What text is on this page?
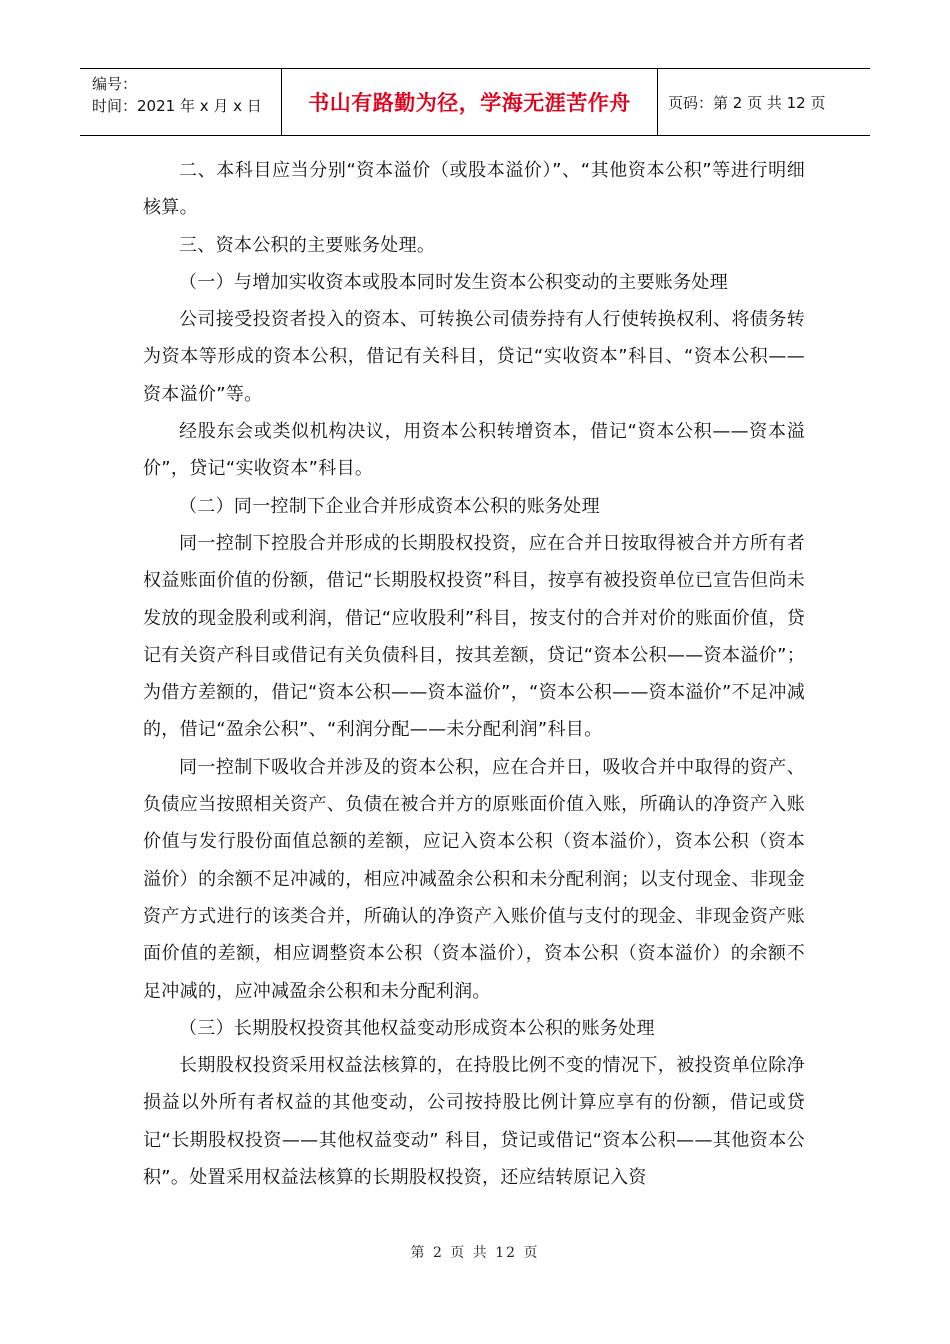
编号：
时间：2021 年 x 月 x 日	书山有路勤为径，学海无涯苦作舟	页码：第 2 页 共 12 页

二、本科目应当分别“资本溢价（或股本溢价）”、“其他资本公积”等进行明细核算。

三、资本公积的主要账务处理。

（一）与增加实收资本或股本同时发生资本公积变动的主要账务处理

公司接受投资者投入的资本、可转换公司债券持有人行使转换权利、将债务转为资本等形成的资本公积，借记有关科目，贷记“实收资本”科目、“资本公积——资本溢价”等。

经股东会或类似机构决议，用资本公积转增资本，借记“资本公积——资本溢价”，贷记“实收资本”科目。

（二）同一控制下企业合并形成资本公积的账务处理

同一控制下控股合并形成的长期股权投资，应在合并日按取得被合并方所有者权益账面价值的份额，借记“长期股权投资”科目，按享有被投资单位已宣告但尚未发放的现金股利或利润，借记“应收股利”科目，按支付的合并对价的账面价值，贷记有关资产科目或借记有关负债科目，按其差额，贷记“资本公积——资本溢价”；为借方差额的，借记“资本公积——资本溢价”，“资本公积——资本溢价”不足冲减的，借记“盈余公积”、“利润分配——未分配利润”科目。

同一控制下吸收合并涉及的资本公积，应在合并日，吸收合并中取得的资产、负债应当按照相关资产、负债在被合并方的原账面价值入账，所确认的净资产入账价值与发行股份面值总额的差额，应记入资本公积（资本溢价），资本公积（资本溢价）的余额不足冲减的，相应冲减盈余公积和未分配利润；以支付现金、非现金资产方式进行的该类合并，所确认的净资产入账价值与支付的现金、非现金资产账面价值的差额，相应调整资本公积（资本溢价），资本公积（资本溢价）的余额不足冲减的，应冲减盈余公积和未分配利润。

（三）长期股权投资其他权益变动形成资本公积的账务处理

长期股权投资采用权益法核算的，在持股比例不变的情况下，被投资单位除净损益以外所有者权益的其他变动，公司按持股比例计算应享有的份额，借记或贷记“长期股权投资——其他权益变动” 科目，贷记或借记“资本公积——其他资本公积”。处置采用权益法核算的长期股权投资，还应结转原记入资

第 2 页 共 12 页
